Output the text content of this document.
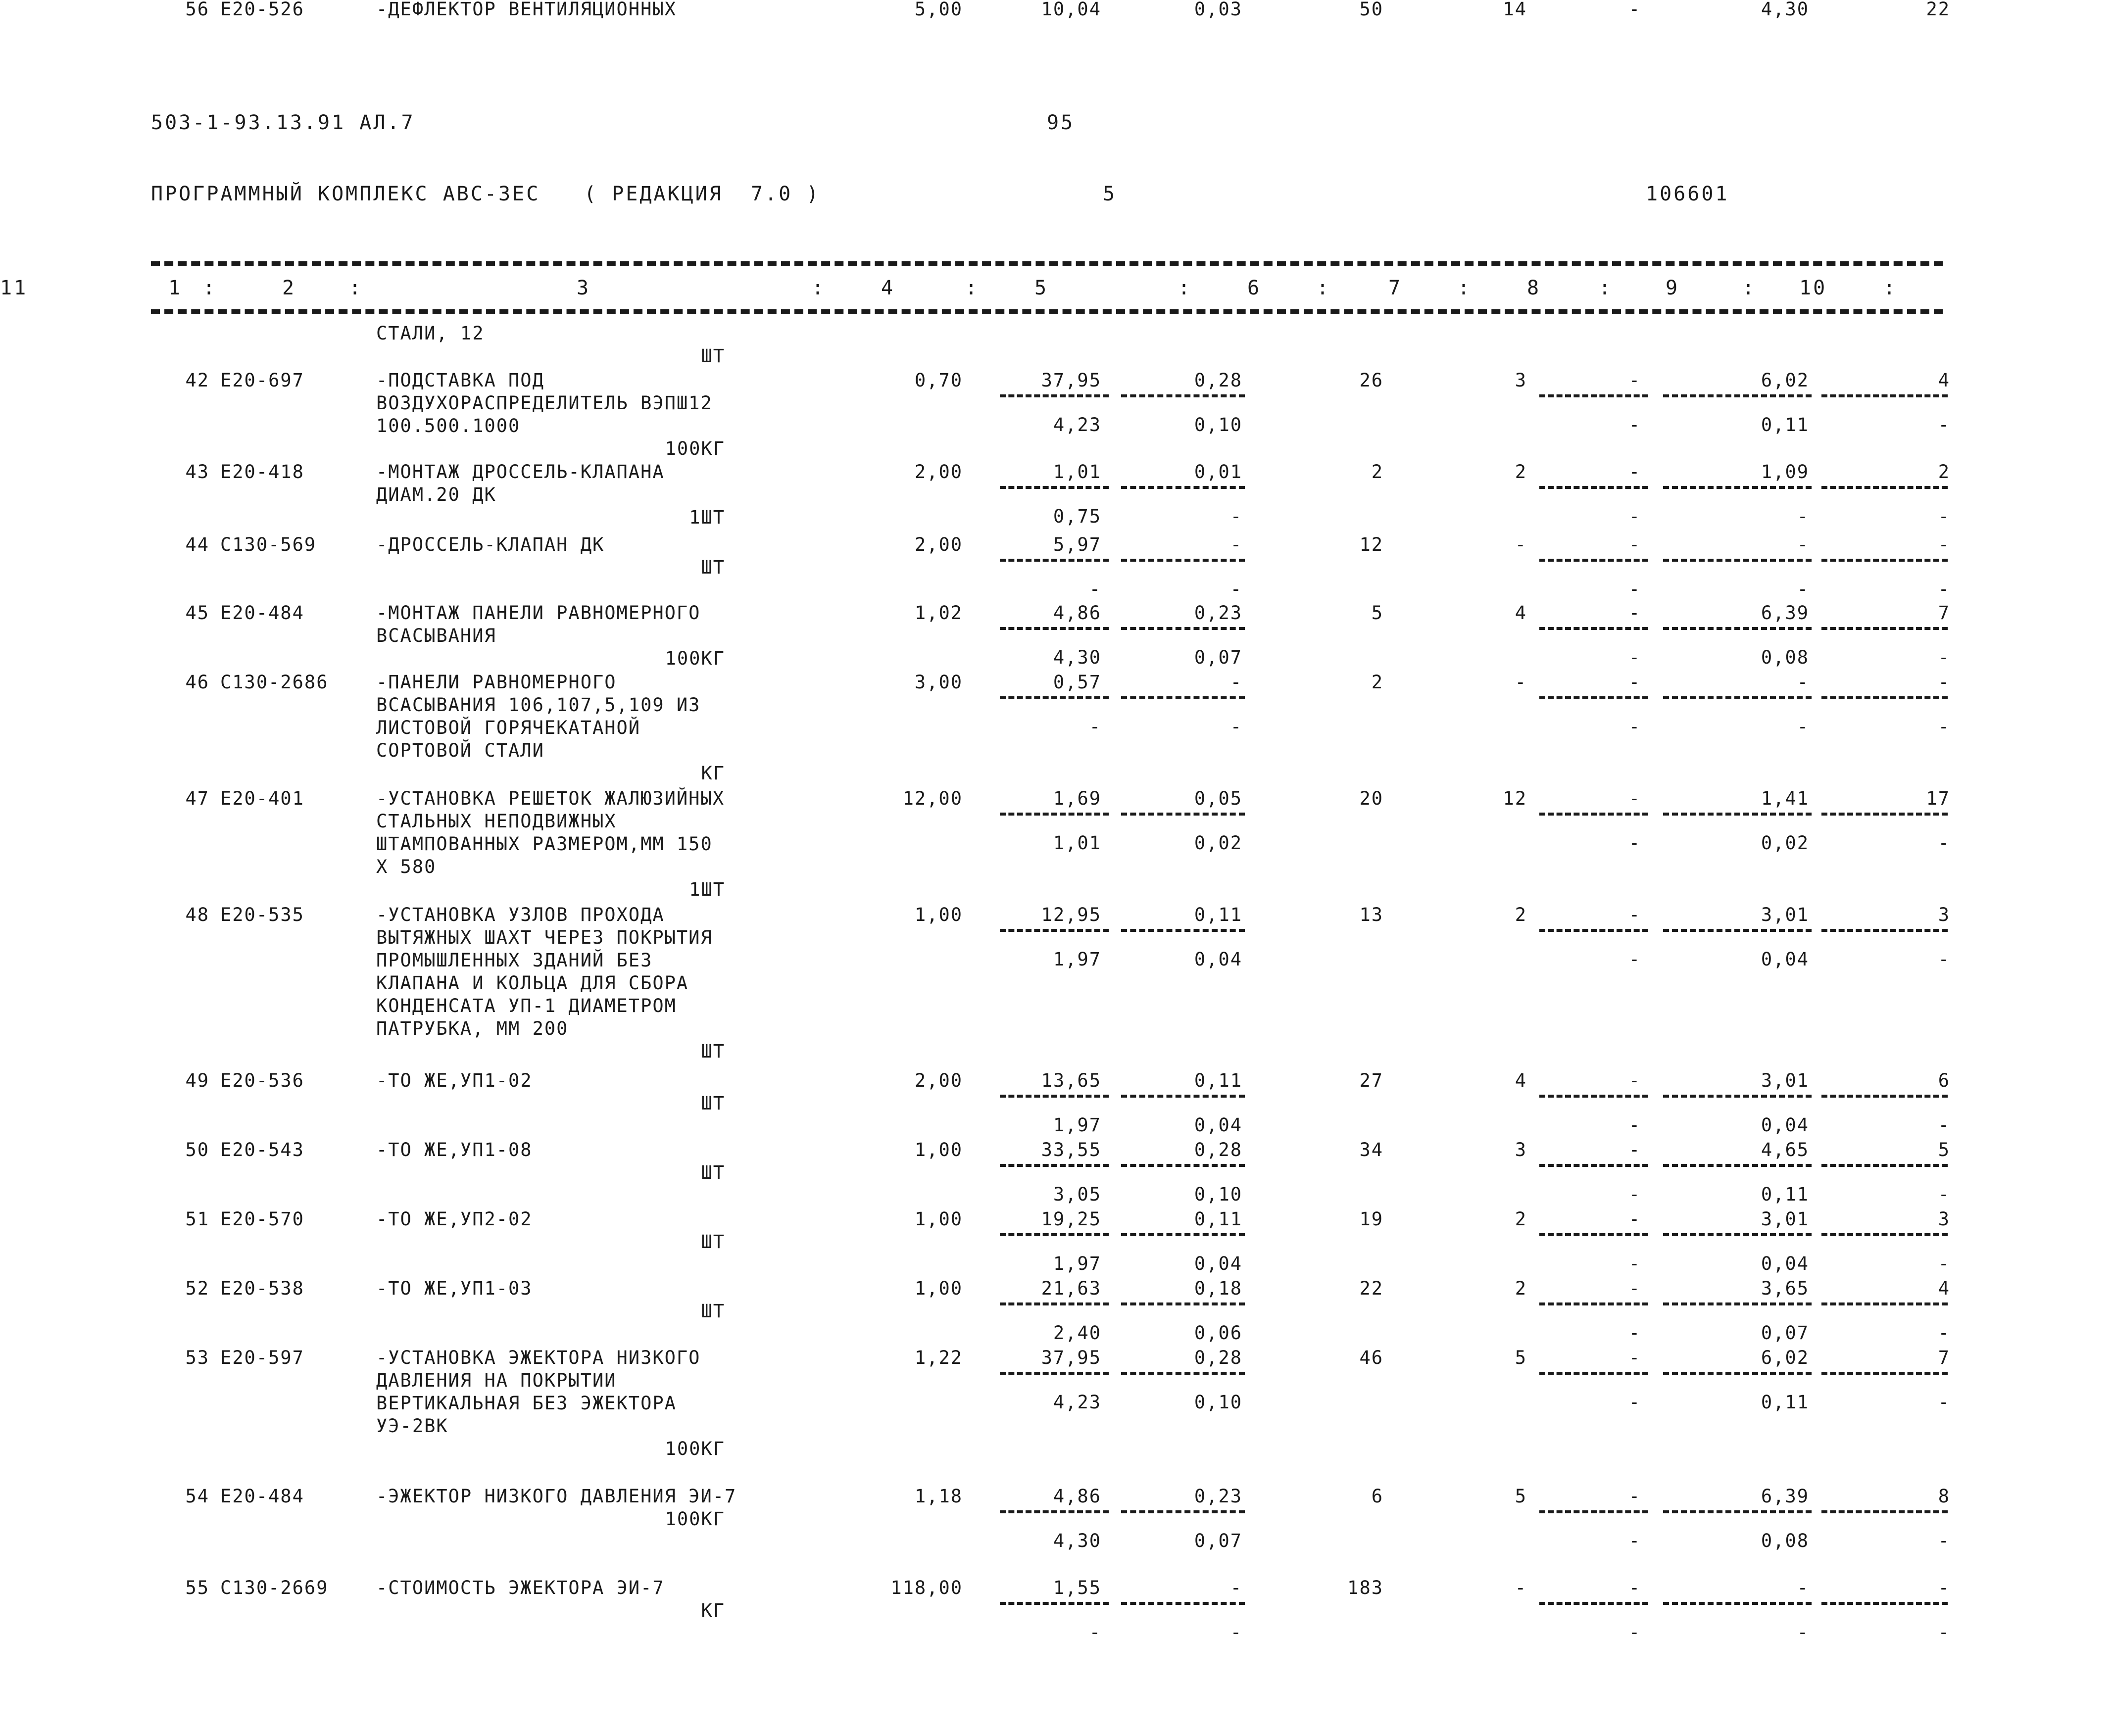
503-1-93.13.91 АЛ.7	95
ПРОГРАММНЫЙ КОМПЛЕКС АВС-3ЕС ( РЕДАКЦИЯ  7.0 )	5	106601
1 :	2	:	3	:	4	:	5	:	6	:	7	:	8	:	9	: 10	:
11
СТАЛИ, 12
ШТ
42 Е20-697	-ПОДСТАВКА ПОД
ВОЗДУХОРАСПРЕДЕЛИТЕЛЬ ВЭПШ12
100.500.1000
100КГ
0,70	37,95	0,28	26	3	-	6,02	4
4,23	0,10	-	0,11	-
43 Е20-418	-МОНТАЖ ДРОССЕЛЬ-КЛАПАНА
ДИАМ.20 ДК
1ШТ
2,00	1,01	0,01	2	2	-	1,09	2
0,75	-	-	-	-
44 С130-569	-ДРОССЕЛЬ-КЛАПАН ДК
ШТ
2,00	5,97	-	12	-	-	-	-
-	-	-	-	-
45 Е20-484	-МОНТАЖ ПАНЕЛИ РАВНОМЕРНОГО
ВСАСЫВАНИЯ
100КГ
1,02	4,86	0,23	5	4	-	6,39	7
4,30	0,07	-	0,08	-
46 С130-2686	-ПАНЕЛИ РАВНОМЕРНОГО
ВСАСЫВАНИЯ 106,107,5,109 ИЗ
ЛИСТОВОЙ ГОРЯЧЕКАТАНОЙ
СОРТОВОЙ СТАЛИ
КГ
3,00	0,57	-	2	-	-	-	-
-	-	-	-	-
47 Е20-401	-УСТАНОВКА РЕШЕТОК ЖАЛЮЗИЙНЫХ
СТАЛЬНЫХ НЕПОДВИЖНЫХ
ШТАМПОВАННЫХ РАЗМЕРОМ,ММ 150
Х 580
1ШТ
12,00	1,69	0,05	20	12	-	1,41	17
1,01	0,02	-	0,02	-
48 Е20-535	-УСТАНОВКА УЗЛОВ ПРОХОДА
ВЫТЯЖНЫХ ШАХТ ЧЕРЕЗ ПОКРЫТИЯ
ПРОМЫШЛЕННЫХ ЗДАНИЙ БЕЗ
КЛАПАНА И КОЛЬЦА ДЛЯ СБОРА
КОНДЕНСАТА УП-1 ДИАМЕТРОМ
ПАТРУБКА, ММ 200
ШТ
1,00	12,95	0,11	13	2	-	3,01	3
1,97	0,04	-	0,04	-
49 Е20-536	-ТО ЖЕ,УП1-02
ШТ
2,00	13,65	0,11	27	4	-	3,01	6
1,97	0,04	-	0,04	-
50 Е20-543	-ТО ЖЕ,УП1-08
ШТ
1,00	33,55	0,28	34	3	-	4,65	5
3,05	0,10	-	0,11	-
51 Е20-570	-ТО ЖЕ,УП2-02
ШТ
1,00	19,25	0,11	19	2	-	3,01	3
1,97	0,04	-	0,04	-
52 Е20-538	-ТО ЖЕ,УП1-03
ШТ
1,00	21,63	0,18	22	2	-	3,65	4
2,40	0,06	-	0,07	-
53 Е20-597	-УСТАНОВКА ЭЖЕКТОРА НИЗКОГО
ДАВЛЕНИЯ НА ПОКРЫТИИ
ВЕРТИКАЛЬНАЯ БЕЗ ЭЖЕКТОРА
УЭ-2ВК
100КГ
1,22	37,95	0,28	46	5	-	6,02	7
4,23	0,10	-	0,11	-
54 Е20-484	-ЭЖЕКТОР НИЗКОГО ДАВЛЕНИЯ ЭИ-7
100КГ
1,18	4,86	0,23	6	5	-	6,39	8
4,30	0,07	-	0,08	-
55 С130-2669	-СТОИМОСТЬ ЭЖЕКТОРА ЭИ-7
КГ
118,00	1,55	-	183	-	-	-	-
-	-	-	-	-
56 Е20-526	-ДЕФЛЕКТОР ВЕНТИЛЯЦИОННЫХ	5,00	10,04	0,03	50	14	-	4,30	22
